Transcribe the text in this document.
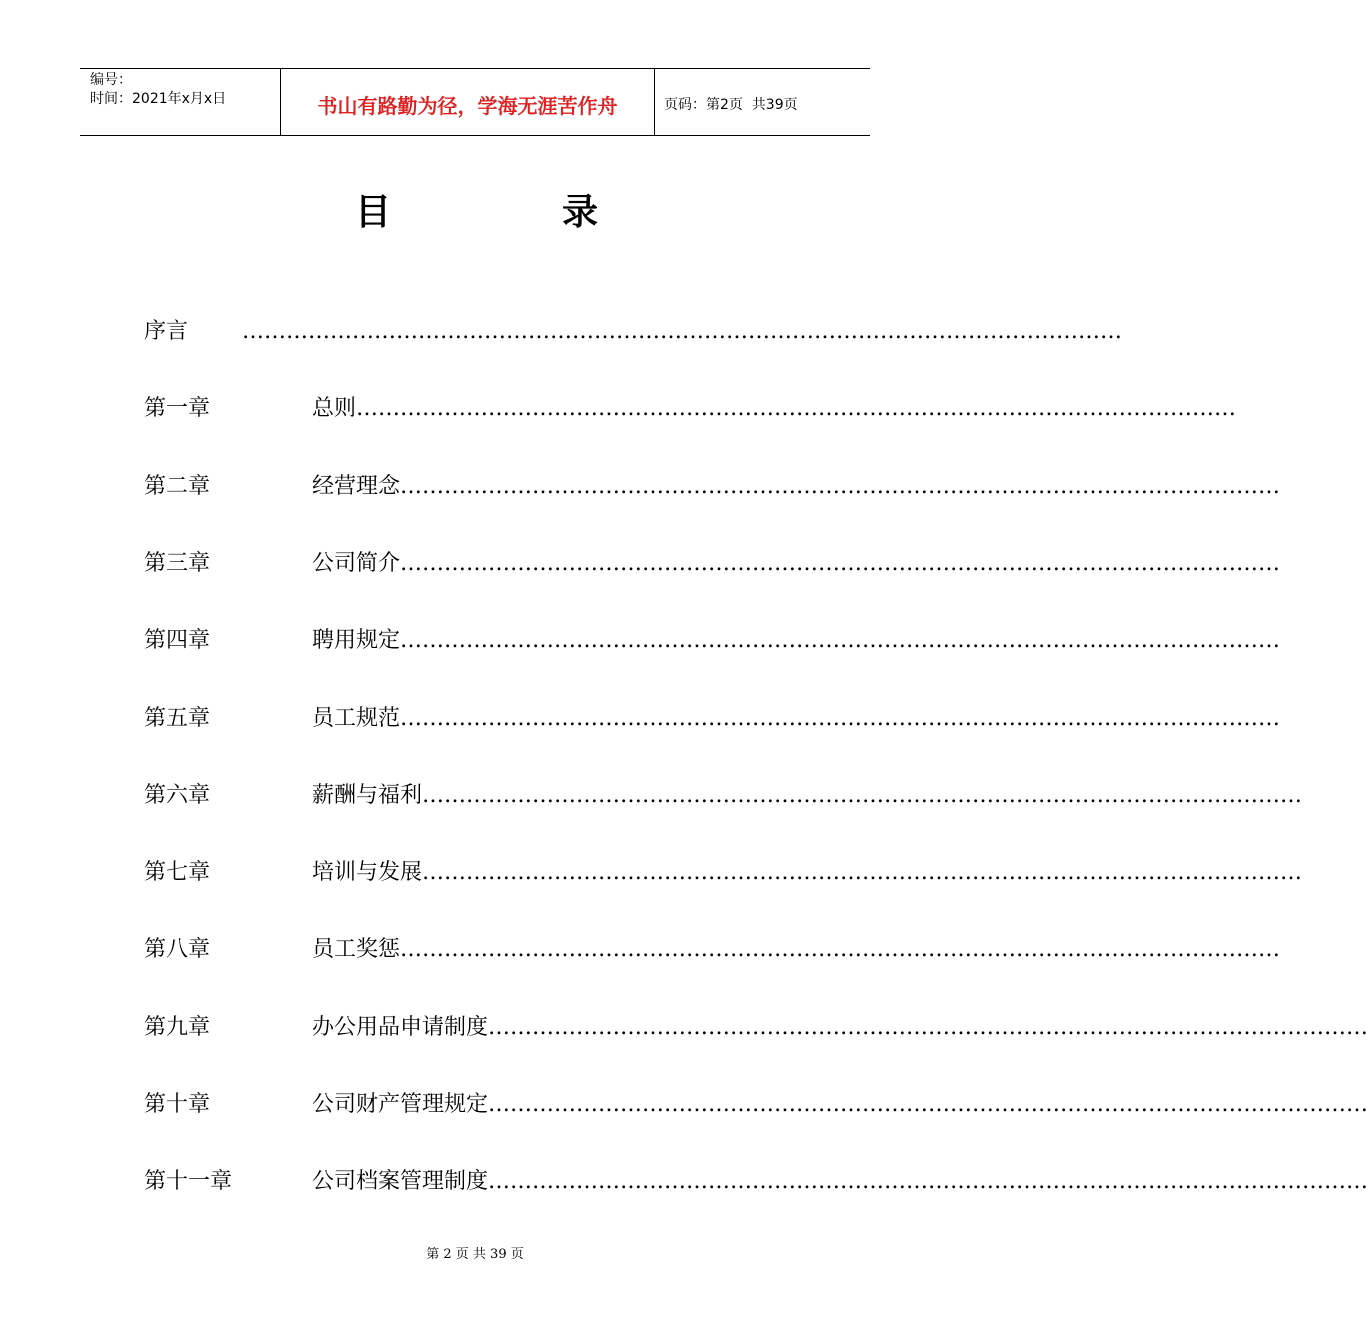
编号：
时间：2021年x月x日	书山有路勤为径，学海无涯苦作舟	页码：第2页  共39页
目	录
序言 …………………………………………………………………………………………………………
第一章	总则 …………………………………………………………………………………………………………
第二章	经营理念 …………………………………………………………………………………………………………
第三章	公司简介 …………………………………………………………………………………………………………
第四章	聘用规定 …………………………………………………………………………………………………………
第五章	员工规范 …………………………………………………………………………………………………………
第六章	薪酬与福利 …………………………………………………………………………………………………………
第七章	培训与发展 …………………………………………………………………………………………………………
第八章	员工奖惩 …………………………………………………………………………………………………………
第九章	办公用品申请制度 …………………………………………………………………………………………………………
第十章	公司财产管理规定 …………………………………………………………………………………………………………
第十一章	公司档案管理制度 …………………………………………………………………………………………………………
第 2 页 共 39 页
